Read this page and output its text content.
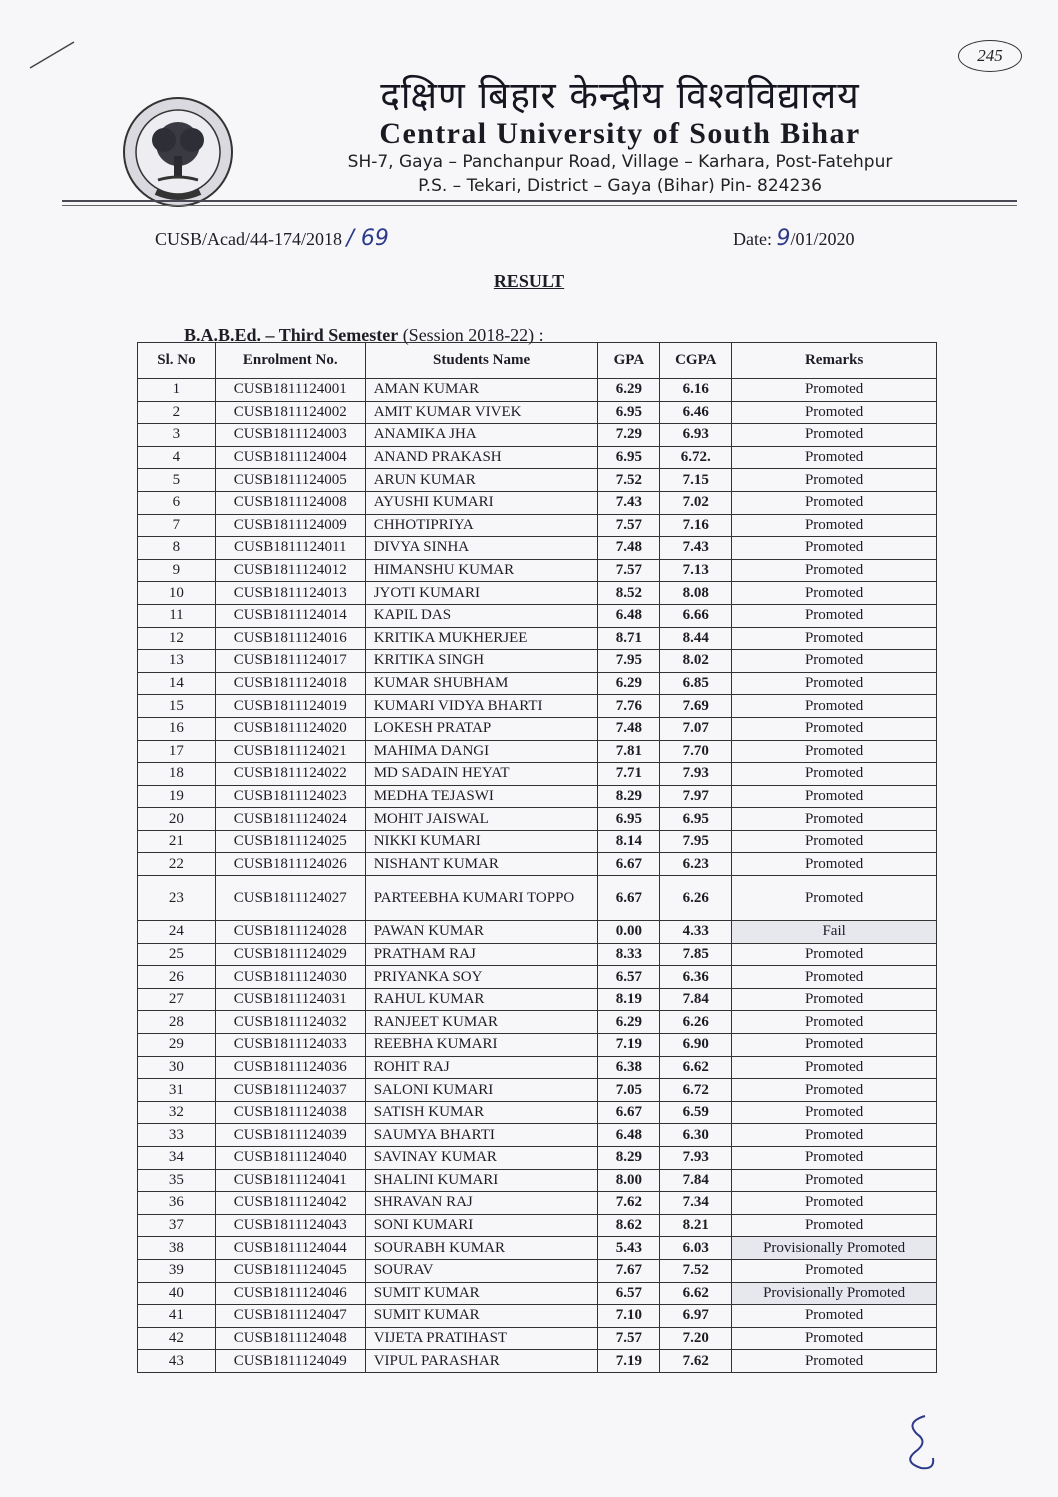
245
दक्षिण बिहार केन्द्रीय विश्वविद्यालय
Central University of South Bihar
SH-7, Gaya – Panchanpur Road, Village – Karhara, Post-Fatehpur
P.S. – Tekari, District – Gaya (Bihar) Pin- 824236
CUSB/Acad/44-174/2018 / 69	Date: 9/01/2020
RESULT
B.A.B.Ed. – Third Semester (Session 2018-22) :
Sl. No	Enrolment No.	Students Name	GPA	CGPA	Remarks
1	CUSB1811124001	AMAN KUMAR	6.29	6.16	Promoted
2	CUSB1811124002	AMIT KUMAR VIVEK	6.95	6.46	Promoted
3	CUSB1811124003	ANAMIKA JHA	7.29	6.93	Promoted
4	CUSB1811124004	ANAND PRAKASH	6.95	6.72.	Promoted
5	CUSB1811124005	ARUN KUMAR	7.52	7.15	Promoted
6	CUSB1811124008	AYUSHI KUMARI	7.43	7.02	Promoted
7	CUSB1811124009	CHHOTIPRIYA	7.57	7.16	Promoted
8	CUSB1811124011	DIVYA SINHA	7.48	7.43	Promoted
9	CUSB1811124012	HIMANSHU KUMAR	7.57	7.13	Promoted
10	CUSB1811124013	JYOTI KUMARI	8.52	8.08	Promoted
11	CUSB1811124014	KAPIL DAS	6.48	6.66	Promoted
12	CUSB1811124016	KRITIKA MUKHERJEE	8.71	8.44	Promoted
13	CUSB1811124017	KRITIKA SINGH	7.95	8.02	Promoted
14	CUSB1811124018	KUMAR SHUBHAM	6.29	6.85	Promoted
15	CUSB1811124019	KUMARI VIDYA BHARTI	7.76	7.69	Promoted
16	CUSB1811124020	LOKESH PRATAP	7.48	7.07	Promoted
17	CUSB1811124021	MAHIMA DANGI	7.81	7.70	Promoted
18	CUSB1811124022	MD SADAIN HEYAT	7.71	7.93	Promoted
19	CUSB1811124023	MEDHA TEJASWI	8.29	7.97	Promoted
20	CUSB1811124024	MOHIT JAISWAL	6.95	6.95	Promoted
21	CUSB1811124025	NIKKI KUMARI	8.14	7.95	Promoted
22	CUSB1811124026	NISHANT KUMAR	6.67	6.23	Promoted
23	CUSB1811124027	PARTEEBHA KUMARI TOPPO	6.67	6.26	Promoted
24	CUSB1811124028	PAWAN KUMAR	0.00	4.33	Fail
25	CUSB1811124029	PRATHAM RAJ	8.33	7.85	Promoted
26	CUSB1811124030	PRIYANKA SOY	6.57	6.36	Promoted
27	CUSB1811124031	RAHUL KUMAR	8.19	7.84	Promoted
28	CUSB1811124032	RANJEET KUMAR	6.29	6.26	Promoted
29	CUSB1811124033	REEBHA KUMARI	7.19	6.90	Promoted
30	CUSB1811124036	ROHIT RAJ	6.38	6.62	Promoted
31	CUSB1811124037	SALONI KUMARI	7.05	6.72	Promoted
32	CUSB1811124038	SATISH KUMAR	6.67	6.59	Promoted
33	CUSB1811124039	SAUMYA BHARTI	6.48	6.30	Promoted
34	CUSB1811124040	SAVINAY KUMAR	8.29	7.93	Promoted
35	CUSB1811124041	SHALINI KUMARI	8.00	7.84	Promoted
36	CUSB1811124042	SHRAVAN RAJ	7.62	7.34	Promoted
37	CUSB1811124043	SONI KUMARI	8.62	8.21	Promoted
38	CUSB1811124044	SOURABH KUMAR	5.43	6.03	Provisionally Promoted
39	CUSB1811124045	SOURAV	7.67	7.52	Promoted
40	CUSB1811124046	SUMIT KUMAR	6.57	6.62	Provisionally Promoted
41	CUSB1811124047	SUMIT KUMAR	7.10	6.97	Promoted
42	CUSB1811124048	VIJETA PRATIHAST	7.57	7.20	Promoted
43	CUSB1811124049	VIPUL PARASHAR	7.19	7.62	Promoted
